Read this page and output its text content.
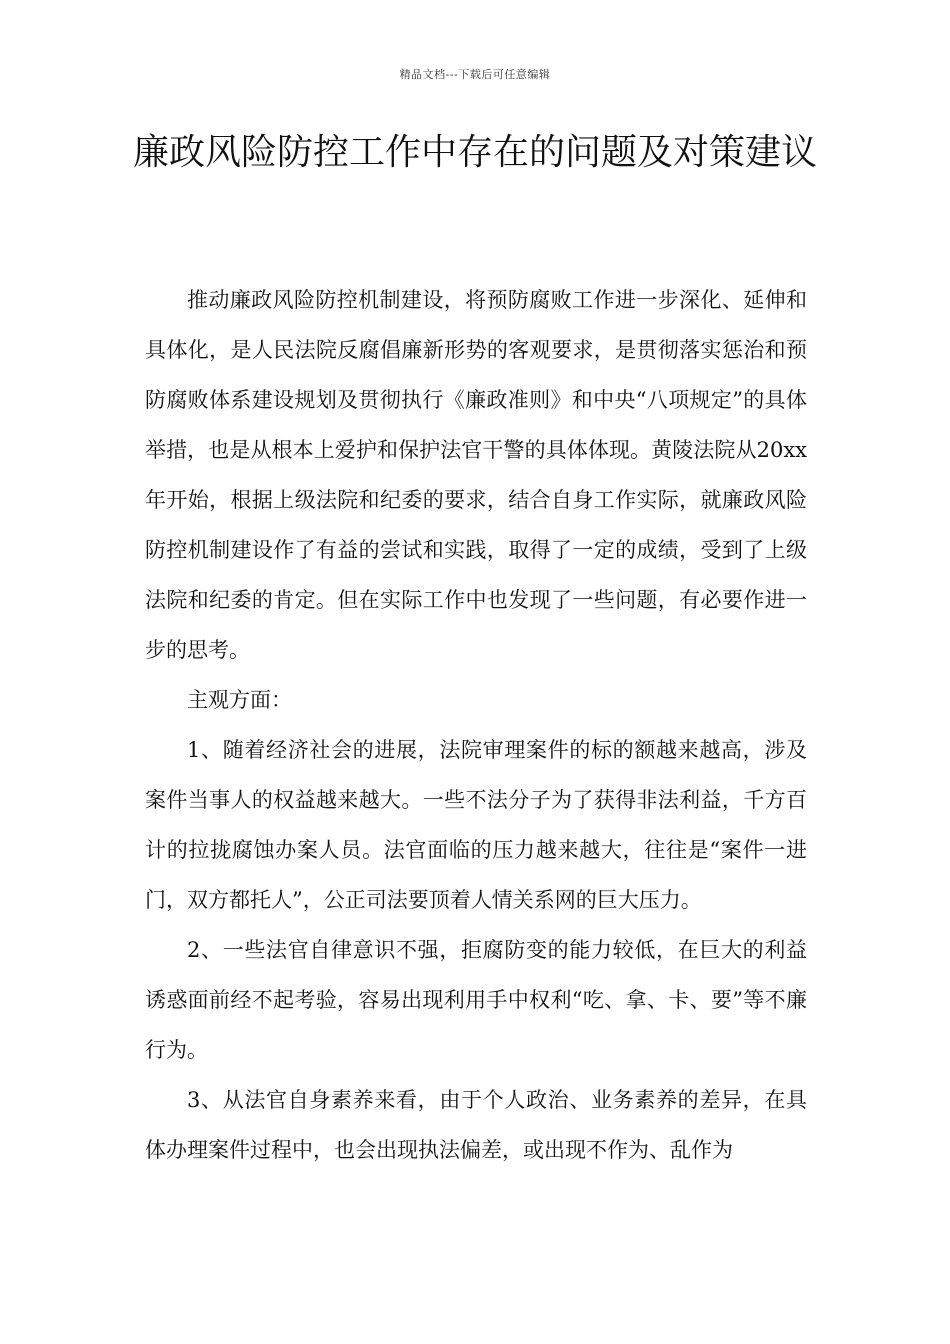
精品文档---下载后可任意编辑
廉政风险防控工作中存在的问题及对策建议

推动廉政风险防控机制建设，将预防腐败工作进一步深化、延伸和具体化，是人民法院反腐倡廉新形势的客观要求，是贯彻落实惩治和预防腐败体系建设规划及贯彻执行《廉政准则》和中央“八项规定”的具体举措，也是从根本上爱护和保护法官干警的具体体现。黄陵法院从20xx年开始，根据上级法院和纪委的要求，结合自身工作实际，就廉政风险防控机制建设作了有益的尝试和实践，取得了一定的成绩，受到了上级法院和纪委的肯定。但在实际工作中也发现了一些问题，有必要作进一步的思考。

主观方面：

1、随着经济社会的进展，法院审理案件的标的额越来越高，涉及案件当事人的权益越来越大。一些不法分子为了获得非法利益，千方百计的拉拢腐蚀办案人员。法官面临的压力越来越大，往往是“案件一进门，双方都托人”，公正司法要顶着人情关系网的巨大压力。

2、一些法官自律意识不强，拒腐防变的能力较低，在巨大的利益诱惑面前经不起考验，容易出现利用手中权利“吃、拿、卡、要”等不廉行为。

3、从法官自身素养来看，由于个人政治、业务素养的差异，在具体办理案件过程中，也会出现执法偏差，或出现不作为、乱作为
